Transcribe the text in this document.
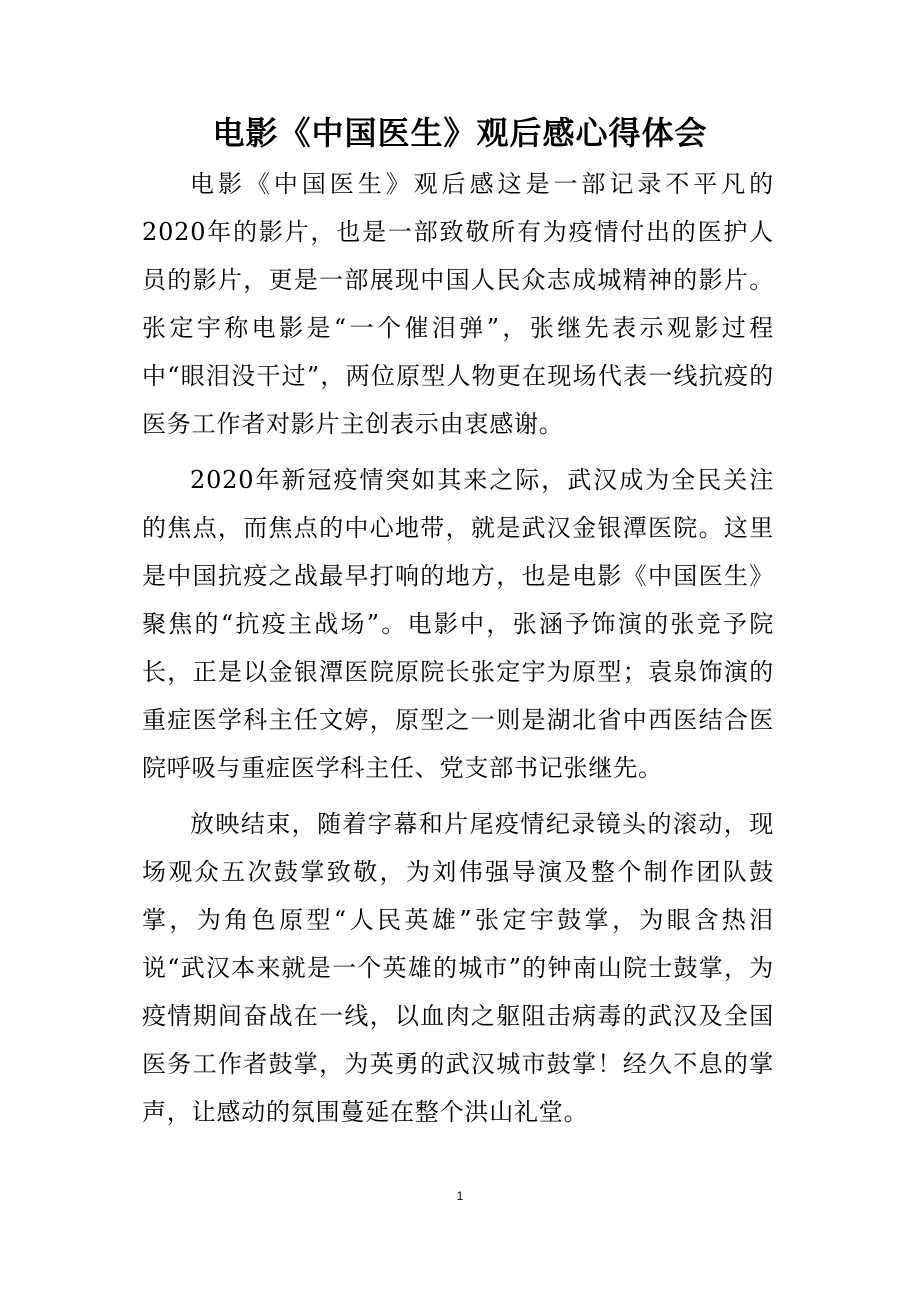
电影《中国医生》观后感心得体会

电影《中国医生》观后感这是一部记录不平凡的2020年的影片，也是一部致敬所有为疫情付出的医护人员的影片，更是一部展现中国人民众志成城精神的影片。张定宇称电影是“一个催泪弹”，张继先表示观影过程中“眼泪没干过”，两位原型人物更在现场代表一线抗疫的医务工作者对影片主创表示由衷感谢。

2020年新冠疫情突如其来之际，武汉成为全民关注的焦点，而焦点的中心地带，就是武汉金银潭医院。这里是中国抗疫之战最早打响的地方，也是电影《中国医生》聚焦的“抗疫主战场”。电影中，张涵予饰演的张竞予院长，正是以金银潭医院原院长张定宇为原型；袁泉饰演的重症医学科主任文婷，原型之一则是湖北省中西医结合医院呼吸与重症医学科主任、党支部书记张继先。

放映结束，随着字幕和片尾疫情纪录镜头的滚动，现场观众五次鼓掌致敬，为刘伟强导演及整个制作团队鼓掌，为角色原型“人民英雄”张定宇鼓掌，为眼含热泪说“武汉本来就是一个英雄的城市”的钟南山院士鼓掌，为疫情期间奋战在一线，以血肉之躯阻击病毒的武汉及全国医务工作者鼓掌，为英勇的武汉城市鼓掌！经久不息的掌声，让感动的氛围蔓延在整个洪山礼堂。

1
